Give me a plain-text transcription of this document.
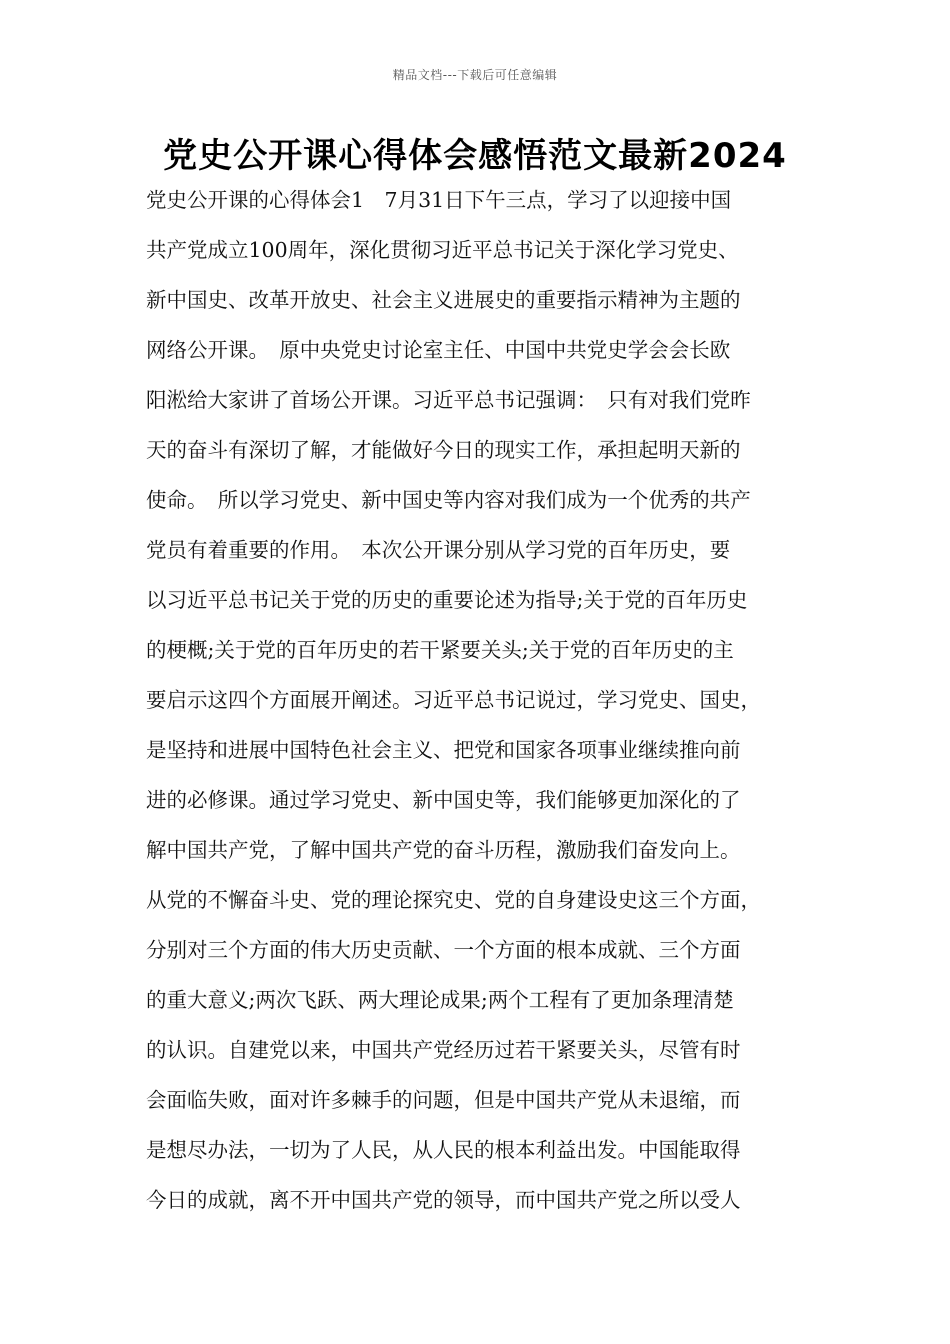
精品文档---下载后可任意编辑
党史公开课心得体会感悟范文最新2024
党史公开课的心得体会1　7月31日下午三点，学习了以迎接中国
共产党成立100周年，深化贯彻习近平总书记关于深化学习党史、
新中国史、改革开放史、社会主义进展史的重要指示精神为主题的
网络公开课。　原中央党史讨论室主任、中国中共党史学会会长欧
阳淞给大家讲了首场公开课。习近平总书记强调：　只有对我们党昨
天的奋斗有深切了解，才能做好今日的现实工作，承担起明天新的
使命。　所以学习党史、新中国史等内容对我们成为一个优秀的共产
党员有着重要的作用。　本次公开课分别从学习党的百年历史，要
以习近平总书记关于党的历史的重要论述为指导;关于党的百年历史
的梗概;关于党的百年历史的若干紧要关头;关于党的百年历史的主
要启示这四个方面展开阐述。习近平总书记说过，学习党史、国史，
是坚持和进展中国特色社会主义、把党和国家各项事业继续推向前
进的必修课。通过学习党史、新中国史等，我们能够更加深化的了
解中国共产党，了解中国共产党的奋斗历程，激励我们奋发向上。
从党的不懈奋斗史、党的理论探究史、党的自身建设史这三个方面，
分别对三个方面的伟大历史贡献、一个方面的根本成就、三个方面
的重大意义;两次飞跃、两大理论成果;两个工程有了更加条理清楚
的认识。自建党以来，中国共产党经历过若干紧要关头，尽管有时
会面临失败，面对许多棘手的问题，但是中国共产党从未退缩，而
是想尽办法，一切为了人民，从人民的根本利益出发。中国能取得
今日的成就，离不开中国共产党的领导，而中国共产党之所以受人
